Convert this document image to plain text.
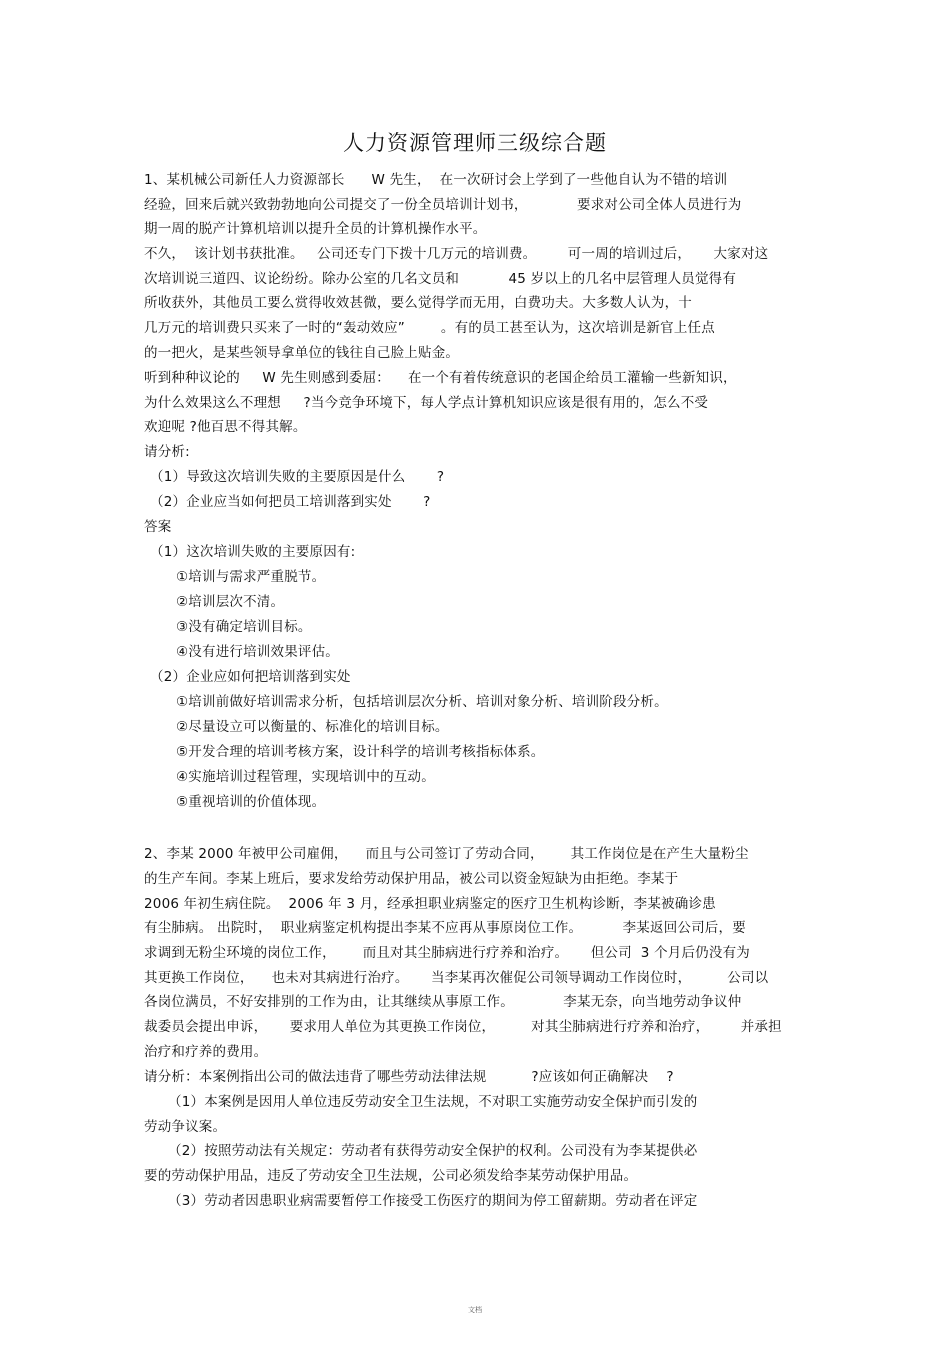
人力资源管理师三级综合题
1、某机械公司新任人力资源部长      W 先生，  在一次研讨会上学到了一些他自认为不错的培训
经验，回来后就兴致勃勃地向公司提交了一份全员培训计划书，           要求对公司全体人员进行为
期一周的脱产计算机培训以提升全员的计算机操作水平。
不久，  该计划书获批准。   公司还专门下拨十几万元的培训费。       可一周的培训过后，     大家对这
次培训说三道四、议论纷纷。除办公室的几名文员和           45 岁以上的几名中层管理人员觉得有
所收获外，其他员工要么赏得收效甚微，要么觉得学而无用，白费功夫。大多数人认为，十
几万元的培训费只买来了一时的“轰动效应”        。有的员工甚至认为，这次培训是新官上任点
的一把火，是某些领导拿单位的钱往自己脸上贴金。
听到种种议论的     W 先生则感到委屈：    在一个有着传统意识的老国企给员工灌输一些新知识，
为什么效果这么不理想     ?当今竞争环境下，每人学点计算机知识应该是很有用的，怎么不受
欢迎呢 ?他百思不得其解。
请分析:
（1）导致这次培训失败的主要原因是什么       ?
（2）企业应当如何把员工培训落到实处       ?
答案
（1）这次培训失败的主要原因有:
①培训与需求严重脱节。
②培训层次不清。
③没有确定培训目标。
④没有进行培训效果评估。
（2）企业应如何把培训落到实处
①培训前做好培训需求分析，包括培训层次分析、培训对象分析、培训阶段分析。
②尽量设立可以衡量的、标准化的培训目标。
⑤开发合理的培训考核方案，设计科学的培训考核指标体系。
④实施培训过程管理，实现培训中的互动。
⑤重视培训的价值体现。
2、李某 2000 年被甲公司雇佣，    而且与公司签订了劳动合同，      其工作岗位是在产生大量粉尘
的生产车间。李某上班后，要求发给劳动保护用品，被公司以资金短缺为由拒绝。李某于
2006 年初生病住院。  2006 年 3 月，经承担职业病鉴定的医疗卫生机构诊断，李某被确诊患
有尘肺病。 出院时，  职业病鉴定机构提出李某不应再从事原岗位工作。         李某返回公司后，要
求调到无粉尘环境的岗位工作，      而且对其尘肺病进行疗养和治疗。     但公司  3 个月后仍没有为
其更换工作岗位，    也未对其病进行治疗。     当李某再次催促公司领导调动工作岗位时，        公司以
各岗位满员，不好安排别的工作为由，让其继续从事原工作。           李某无奈，向当地劳动争议仲
裁委员会提出申诉，     要求用人单位为其更换工作岗位，        对其尘肺病进行疗养和治疗，       并承担
治疗和疗养的费用。
请分析：本案例指出公司的做法违背了哪些劳动法律法规          ?应该如何正确解决    ?
（1）本案例是因用人单位违反劳动安全卫生法规，不对职工实施劳动安全保护而引发的
劳动争议案。
（2）按照劳动法有关规定：劳动者有获得劳动安全保护的权利。公司没有为李某提供必
要的劳动保护用品，违反了劳动安全卫生法规，公司必须发给李某劳动保护用品。
（3）劳动者因患职业病需要暂停工作接受工伤医疗的期间为停工留薪期。劳动者在评定
文档
